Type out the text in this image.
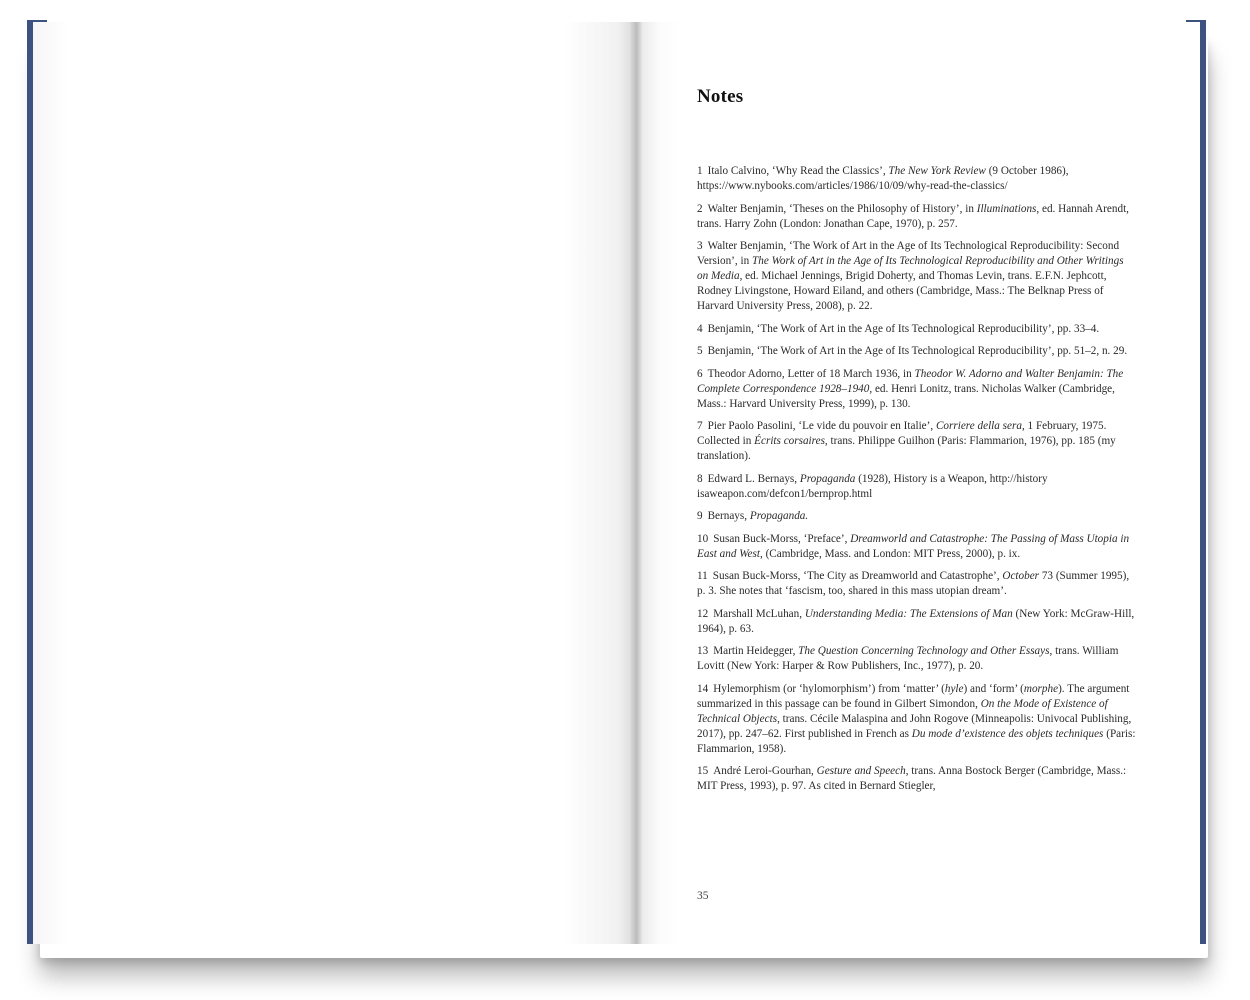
Notes
1 Italo Calvino, ‘Why Read the Classics’, The New York Review (9 October 1986), https://www.nybooks.com/articles/1986/10/09/why-read-the-classics/
2 Walter Benjamin, ‘Theses on the Philosophy of History’, in Illuminations, ed. Hannah Arendt, trans. Harry Zohn (London: Jonathan Cape, 1970), p. 257.
3 Walter Benjamin, ‘The Work of Art in the Age of Its Technological Reproducibility: Second Version’, in The Work of Art in the Age of Its Technological Reproducibility and Other Writings on Media, ed. Michael Jennings, Brigid Doherty, and Thomas Levin, trans. E.F.N. Jephcott, Rodney Livingstone, Howard Eiland, and others (Cambridge, Mass.: The Belknap Press of Harvard University Press, 2008), p. 22.
4 Benjamin, ‘The Work of Art in the Age of Its Technological Reproducibility’, pp. 33–4.
5 Benjamin, ‘The Work of Art in the Age of Its Technological Reproducibility’, pp. 51–2, n. 29.
6 Theodor Adorno, Letter of 18 March 1936, in Theodor W. Adorno and Walter Benjamin: The Complete Correspondence 1928–1940, ed. Henri Lonitz, trans. Nicholas Walker (Cambridge, Mass.: Harvard University Press, 1999), p. 130.
7 Pier Paolo Pasolini, ‘Le vide du pouvoir en Italie’, Corriere della sera, 1 February, 1975. Collected in Écrits corsaires, trans. Philippe Guilhon (Paris: Flammarion, 1976), pp. 185 (my translation).
8 Edward L. Bernays, Propaganda (1928), History is a Weapon, http://history isaweapon.com/defcon1/bernprop.html
9 Bernays, Propaganda.
10 Susan Buck-Morss, ‘Preface’, Dreamworld and Catastrophe: The Passing of Mass Utopia in East and West, (Cambridge, Mass. and London: MIT Press, 2000), p. ix.
11 Susan Buck-Morss, ‘The City as Dreamworld and Catastrophe’, October 73 (Summer 1995), p. 3. She notes that ‘fascism, too, shared in this mass utopian dream’.
12 Marshall McLuhan, Understanding Media: The Extensions of Man (New York: McGraw-Hill, 1964), p. 63.
13 Martin Heidegger, The Question Concerning Technology and Other Essays, trans. William Lovitt (New York: Harper & Row Publishers, Inc., 1977), p. 20.
14 Hylemorphism (or ‘hylomorphism’) from ‘matter’ (hyle) and ‘form’ (morphe). The argument summarized in this passage can be found in Gilbert Simondon, On the Mode of Existence of Technical Objects, trans. Cécile Malaspina and John Rogove (Minneapolis: Univocal Publishing, 2017), pp. 247–62. First published in French as Du mode d’existence des objets techniques (Paris: Flammarion, 1958).
15 André Leroi-Gourhan, Gesture and Speech, trans. Anna Bostock Berger (Cambridge, Mass.: MIT Press, 1993), p. 97. As cited in Bernard Stiegler,
35
